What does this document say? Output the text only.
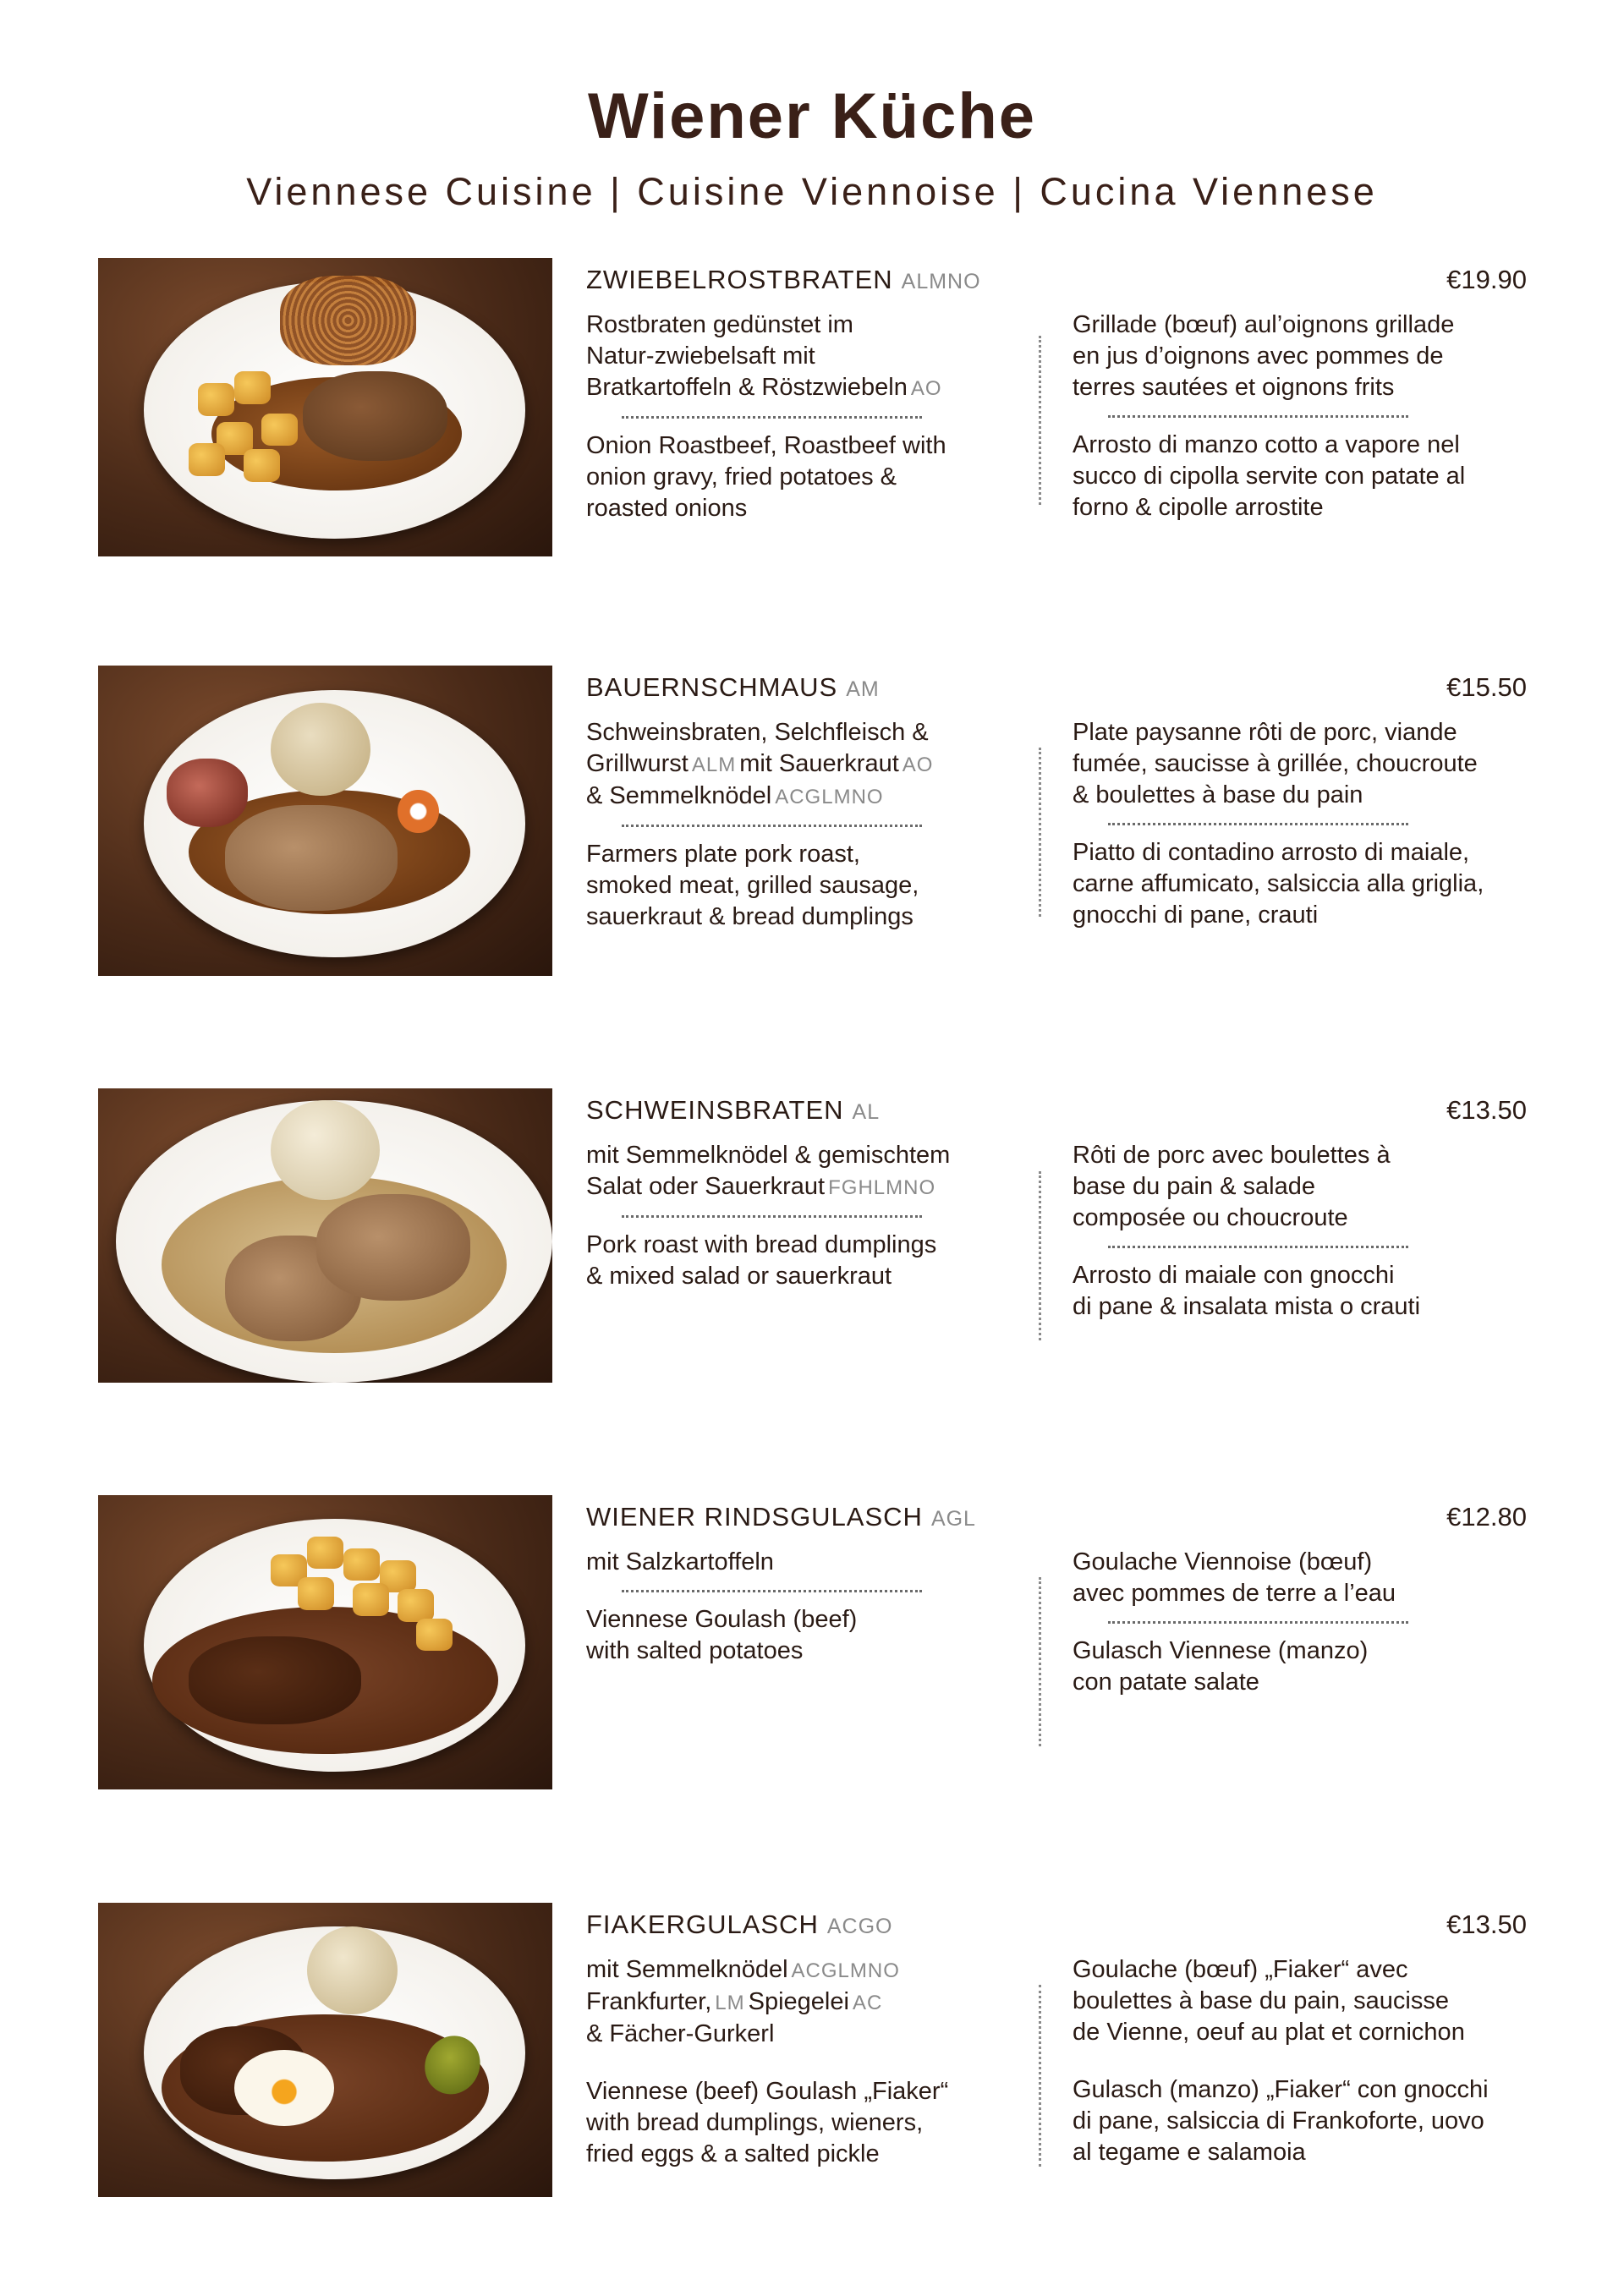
Wiener Küche
Viennese Cuisine | Cuisine Viennoise | Cucina Viennese
ZWIEBELROSTBRATEN ALMNO	€19.90
Rostbraten gedünstet im
Natur-zwiebelsaft mit
Bratkartoffeln & Röstzwiebeln AO
Onion Roastbeef, Roastbeef with
onion gravy, fried potatoes &
roasted onions
Grillade (bœuf) aul’oignons grillade
en jus d’oignons avec pommes de
terres sautées et oignons frits
Arrosto di manzo cotto a vapore nel
succo di cipolla servite con patate al
forno & cipolle arrostite
BAUERNSCHMAUS AM	€15.50
Schweinsbraten, Selchfleisch &
Grillwurst ALM mit Sauerkraut AO
& Semmelknödel ACGLMNO
Farmers plate pork roast,
smoked meat, grilled sausage,
sauerkraut & bread dumplings
Plate paysanne rôti de porc, viande
fumée, saucisse à grillée, choucroute
& boulettes à base du pain
Piatto di contadino arrosto di maiale,
carne affumicato, salsiccia alla griglia,
gnocchi di pane, crauti
SCHWEINSBRATEN AL	€13.50
mit Semmelknödel & gemischtem
Salat oder Sauerkraut FGHLMNO
Pork roast with bread dumplings
& mixed salad or sauerkraut
Rôti de porc avec boulettes à
base du pain & salade
composée ou choucroute
Arrosto di maiale con gnocchi
di pane & insalata mista o crauti
WIENER RINDSGULASCH AGL	€12.80
mit Salzkartoffeln
Viennese Goulash (beef)
with salted potatoes
Goulache Viennoise (bœuf)
avec pommes de terre a l’eau
Gulasch Viennese (manzo)
con patate salate
FIAKERGULASCH ACGO	€13.50
mit Semmelknödel ACGLMNO
Frankfurter, LM Spiegelei AC
& Fächer-Gurkerl
Viennese (beef) Goulash „Fiaker“
with bread dumplings, wieners,
fried eggs & a salted pickle
Goulache (bœuf) „Fiaker“ avec
boulettes à base du pain, saucisse
de Vienne, oeuf au plat et cornichon
Gulasch (manzo) „Fiaker“ con gnocchi
di pane, salsiccia di Frankoforte, uovo
al tegame e salamoia
